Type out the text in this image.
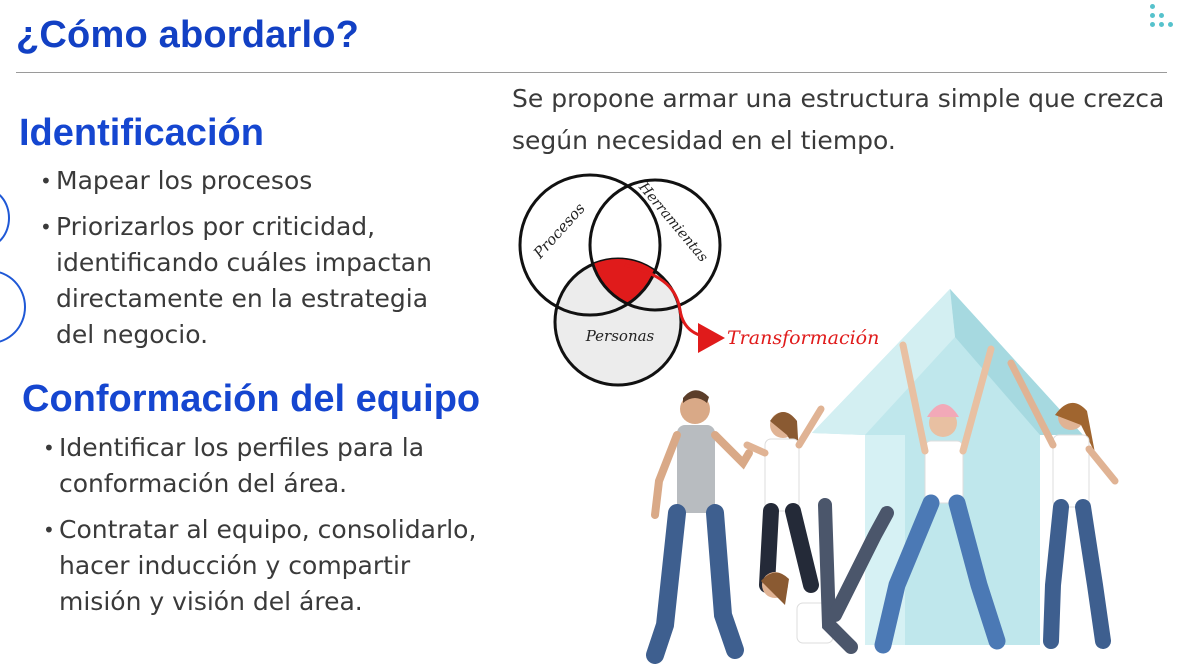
¿Cómo abordarlo?
Identificación
• Mapear los procesos
• Priorizarlos por criticidad, identificando cuáles impactan directamente en la estrategia del negocio.
Conformación del equipo
• Identificar los perfiles para la conformación del área.
• Contratar al equipo, consolidarlo, hacer inducción y compartir misión y visión del área.

Se propone armar una estructura simple que crezca según necesidad en el tiempo.

Procesos	Herramientas
Personas	Transformación
